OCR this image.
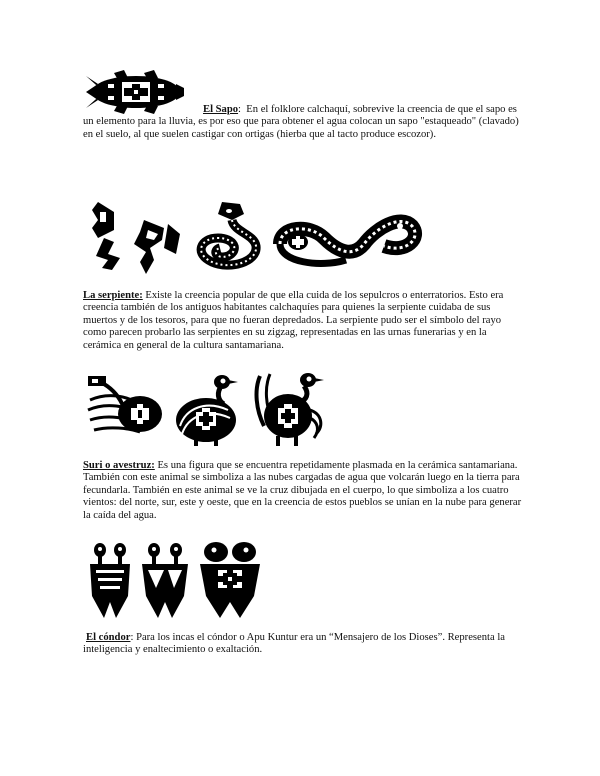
El Sapo: En el folklore calchaquí, sobrevive la creencia de que el sapo es un elemento para la lluvia, es por eso que para obtener el agua colocan un sapo "estaqueado" (clavado) en el suelo, al que suelen castigar con ortigas (hierba que al tacto produce escozor).

La serpiente: Existe la creencia popular de que ella cuida de los sepulcros o enterratorios. Esto era creencia también de los antiguos habitantes calchaquíes para quienes la serpiente cuidaba de sus muertos y de los tesoros, para que no fueran depredados. La serpiente pudo ser el símbolo del rayo como parecen probarlo las serpientes en su zigzag, representadas en las urnas funerarias y en la cerámica en general de la cultura santamariana.

Suri o avestruz: Es una figura que se encuentra repetidamente plasmada en la cerámica santamariana. También con este animal se simboliza a las nubes cargadas de agua que volcarán luego en la tierra para fecundarla. También en este animal se ve la cruz dibujada en el cuerpo, lo que simboliza a los cuatro vientos: del norte, sur, este y oeste, que en la creencia de estos pueblos se unían en la nube para generar la caída del agua.

El cóndor: Para los incas el cóndor o Apu Kuntur era un “Mensajero de los Dioses”. Representa la inteligencia y enaltecimiento o exaltación.
